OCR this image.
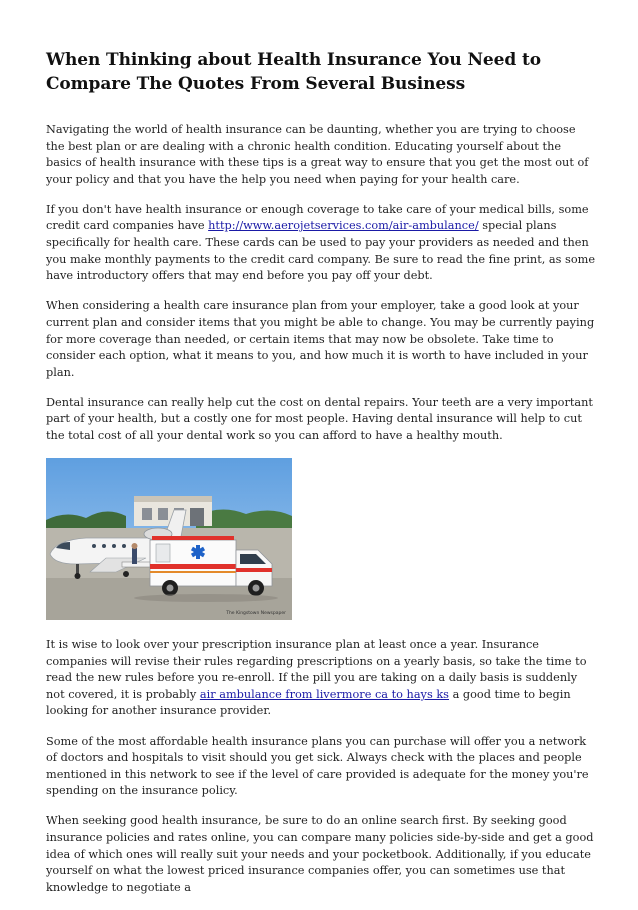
When Thinking about Health Insurance You Need to Compare The Quotes From Several Business

Navigating the world of health insurance can be daunting, whether you are trying to choose the best plan or are dealing with a chronic health condition. Educating yourself about the basics of health insurance with these tips is a great way to ensure that you get the most out of your policy and that you have the help you need when paying for your health care.

If you don't have health insurance or enough coverage to take care of your medical bills, some credit card companies have http://www.aerojetservices.com/air-ambulance/ special plans specifically for health care. These cards can be used to pay your providers as needed and then you make monthly payments to the credit card company. Be sure to read the fine print, as some have introductory offers that may end before you pay off your debt.

When considering a health care insurance plan from your employer, take a good look at your current plan and consider items that you might be able to change. You may be currently paying for more coverage than needed, or certain items that may now be obsolete. Take time to consider each option, what it means to you, and how much it is worth to have included in your plan.

Dental insurance can really help cut the cost on dental repairs. Your teeth are a very important part of your health, but a costly one for most people. Having dental insurance will help to cut the total cost of all your dental work so you can afford to have a healthy mouth.

The Kingstown Newspaper

It is wise to look over your prescription insurance plan at least once a year. Insurance companies will revise their rules regarding prescriptions on a yearly basis, so take the time to read the new rules before you re-enroll. If the pill you are taking on a daily basis is suddenly not covered, it is probably air ambulance from livermore ca to hays ks a good time to begin looking for another insurance provider.

Some of the most affordable health insurance plans you can purchase will offer you a network of doctors and hospitals to visit should you get sick. Always check with the places and people mentioned in this network to see if the level of care provided is adequate for the money you're spending on the insurance policy.

When seeking good health insurance, be sure to do an online search first. By seeking good insurance policies and rates online, you can compare many policies side-by-side and get a good idea of which ones will really suit your needs and your pocketbook. Additionally, if you educate yourself on what the lowest priced insurance companies offer, you can sometimes use that knowledge to negotiate a
